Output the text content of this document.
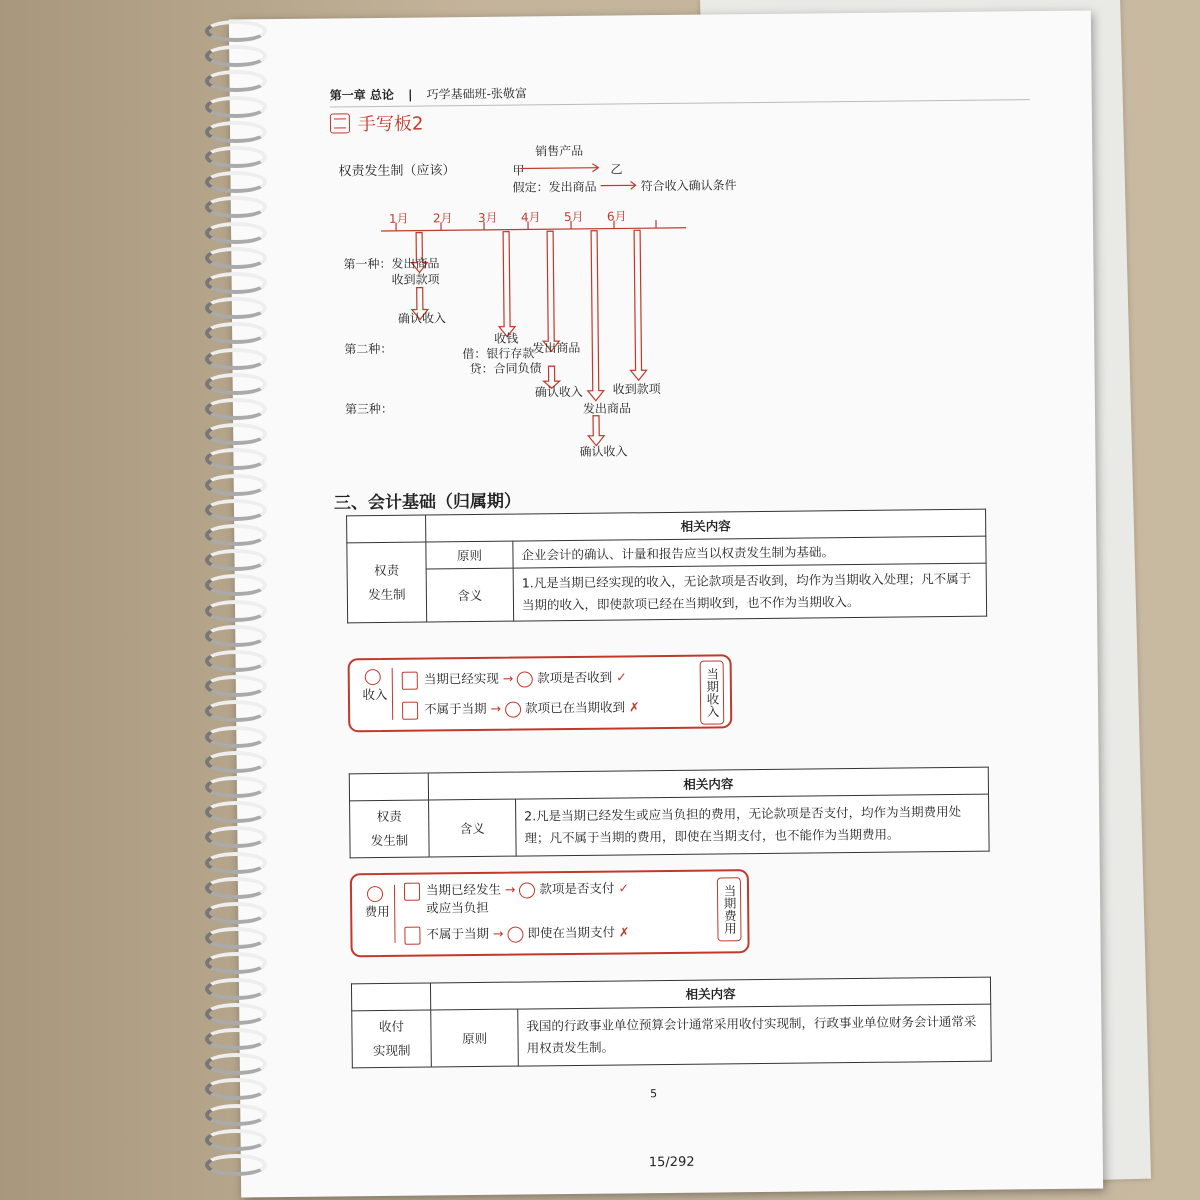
第一章 总论 | 巧学基础班-张敬富
手写板2
权责发生制（应该）	甲
销售产品
乙
假定：发出商品	符合收入确认条件
1月 2月 3月 4月 5月 6月
第一种： 发出商品
收到款项
确认收入
第二种：
收钱
借：银行存款
贷：合同负债
发出商品
确认收入 收到款项
第三种：	发出商品
确认收入
三、会计基础（归属期）
	相关内容	

权责
发生制	原则	企业会计的确认、计量和报告应当以权责发生制为基础。
	含义	1.凡是当期已经实现的收入，无论款项是否收到，均作为当期收入处理；凡不属于当期的收入，即使款项已经在当期收到，也不作为当期收入。
收入
当期已经实现 → 款项是否收到 ✓
不属于当期 → 款项已在当期收到 ✗	当期收入
	相关内容	

权责
发生制	含义	2.凡是当期已经发生或应当负担的费用，无论款项是否支付，均作为当期费用处理；凡不属于当期的费用，即使在当期支付，也不能作为当期费用。
费用
当期已经发生 → 款项是否支付 ✓
或应当负担
不属于当期 → 即使在当期支付 ✗	当期费用
	相关内容	

收付
实现制	原则	我国的行政事业单位预算会计通常采用收付实现制，行政事业单位财务会计通常采用权责发生制。
5
15/292
